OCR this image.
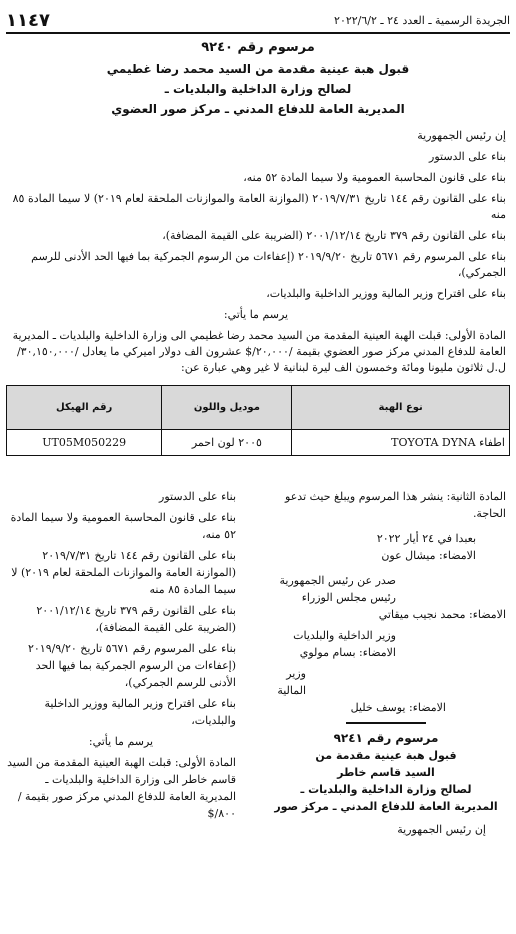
١١٤٧	الجريدة الرسمية ـ العدد ٢٤ ـ ٢٠٢٢/٦/٢
مرسوم رقم ٩٢٤٠
قبول هبة عينية مقدمة من السيد محمد رضا غطيمي
لصالح وزارة الداخلية والبلديات ـ
المديرية العامة للدفاع المدني ـ مركز صور العضوي
إن رئيس الجمهورية
بناء على الدستور
بناء على قانون المحاسبة العمومية ولا سيما المادة ٥٢ منه،
بناء على القانون رقم ١٤٤ تاريخ ٢٠١٩/٧/٣١ (الموازنة العامة والموازنات الملحقة لعام ٢٠١٩) لا سيما المادة ٨٥ منه
بناء على القانون رقم ٣٧٩ تاريخ ٢٠٠١/١٢/١٤ (الضريبة على القيمة المضافة)،
بناء على المرسوم رقم ٥٦٧١ تاريخ ٢٠١٩/٩/٢٠ (إعفاءات من الرسوم الجمركية بما فيها الحد الأدنى للرسم الجمركي)،
بناء على اقتراح وزير المالية ووزير الداخلية والبلديات،
يرسم ما يأتي:
المادة الأولى: قبلت الهبة العينية المقدمة من السيد محمد رضا غطيمي الى وزارة الداخلية والبلديات ـ المديرية العامة للدفاع المدني مركز صور العضوي بقيمة /٢٠,٠٠٠/$ عشرون الف دولار اميركي ما يعادل /٣٠,١٥٠,٠٠٠/ ل.ل ثلاثون مليونا ومائة وخمسون الف ليرة لبنانية لا غير وهي عبارة عن:
نوع الهبة	موديل واللون	رقم الهيكل
اطفاء TOYOTA DYNA	٢٠٠٥ لون احمر	UT05M050229
المادة الثانية: ينشر هذا المرسوم ويبلغ حيث تدعو الحاجة.
بعبدا في ٢٤ أيار ٢٠٢٢
الامضاء: ميشال عون
صدر عن رئيس الجمهورية
رئيس مجلس الوزراء
الامضاء: محمد نجيب ميقاتي
وزير الداخلية والبلديات
الامضاء: بسام مولوي
وزير المالية
الامضاء: يوسف خليل
مرسوم رقم ٩٢٤١
قبول هبة عينية مقدمة من
السيد قاسم خاطر
لصالح وزارة الداخلية والبلديات ـ
المديرية العامة للدفاع المدني ـ مركز صور
إن رئيس الجمهورية
بناء على الدستور
بناء على قانون المحاسبة العمومية ولا سيما المادة ٥٢ منه،
بناء على القانون رقم ١٤٤ تاريخ ٢٠١٩/٧/٣١ (الموازنة العامة والموازنات الملحقة لعام ٢٠١٩) لا سيما المادة ٨٥ منه
بناء على القانون رقم ٣٧٩ تاريخ ٢٠٠١/١٢/١٤ (الضريبة على القيمة المضافة)،
بناء على المرسوم رقم ٥٦٧١ تاريخ ٢٠١٩/٩/٢٠ (إعفاءات من الرسوم الجمركية بما فيها الحد الأدنى للرسم الجمركي)،
بناء على اقتراح وزير المالية ووزير الداخلية والبلديات،
يرسم ما يأتي:
المادة الأولى: قبلت الهبة العينية المقدمة من السيد قاسم خاطر الى وزارة الداخلية والبلديات ـ المديرية العامة للدفاع المدني مركز صور بقيمة /٨٠٠/$
